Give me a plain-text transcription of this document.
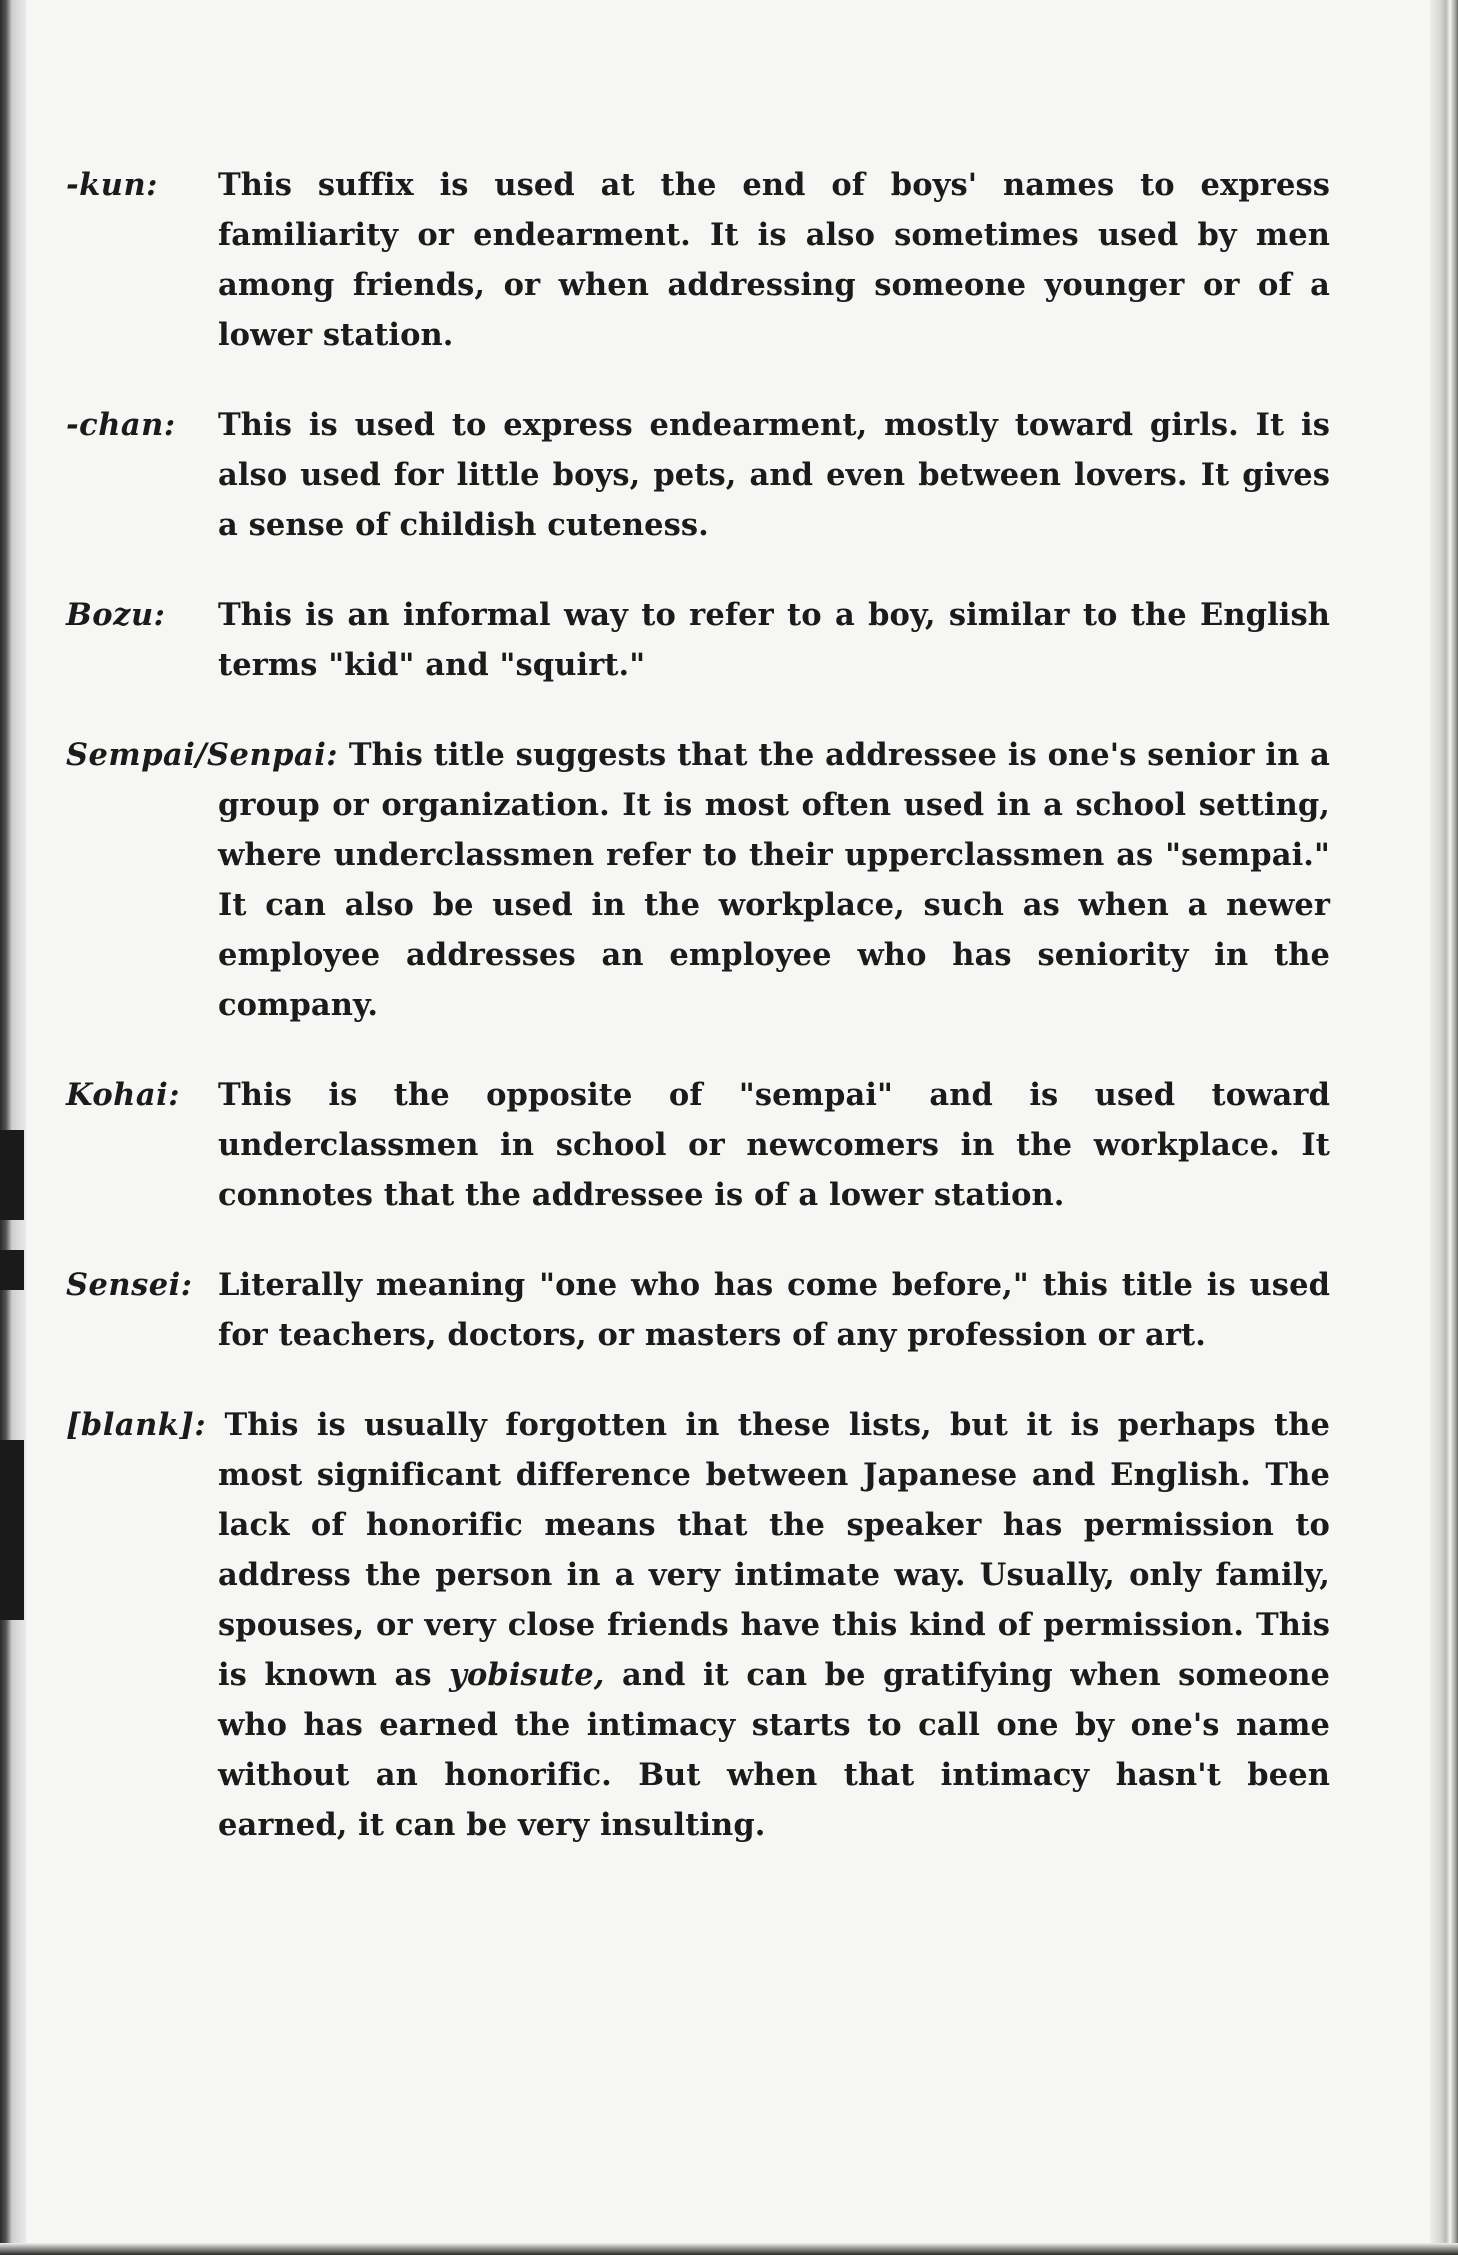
-kun: This suffix is used at the end of boys' names to express familiarity or endearment. It is also sometimes used by men among friends, or when addressing someone younger or of a lower station.
-chan: This is used to express endearment, mostly toward girls. It is also used for little boys, pets, and even between lovers. It gives a sense of childish cuteness.
Bozu: This is an informal way to refer to a boy, similar to the English terms "kid" and "squirt."
Sempai/Senpai: This title suggests that the addressee is one's senior in a group or organization. It is most often used in a school setting, where underclassmen refer to their upperclassmen as "sempai." It can also be used in the workplace, such as when a newer employee addresses an employee who has seniority in the company.
Kohai: This is the opposite of "sempai" and is used toward underclassmen in school or newcomers in the workplace. It connotes that the addressee is of a lower station.
Sensei: Literally meaning "one who has come before," this title is used for teachers, doctors, or masters of any profession or art.
[blank]: This is usually forgotten in these lists, but it is perhaps the most significant difference between Japanese and English. The lack of honorific means that the speaker has permission to address the person in a very intimate way. Usually, only family, spouses, or very close friends have this kind of permission. This is known as yobisute, and it can be gratifying when someone who has earned the intimacy starts to call one by one's name without an honorific. But when that intimacy hasn't been earned, it can be very insulting.
